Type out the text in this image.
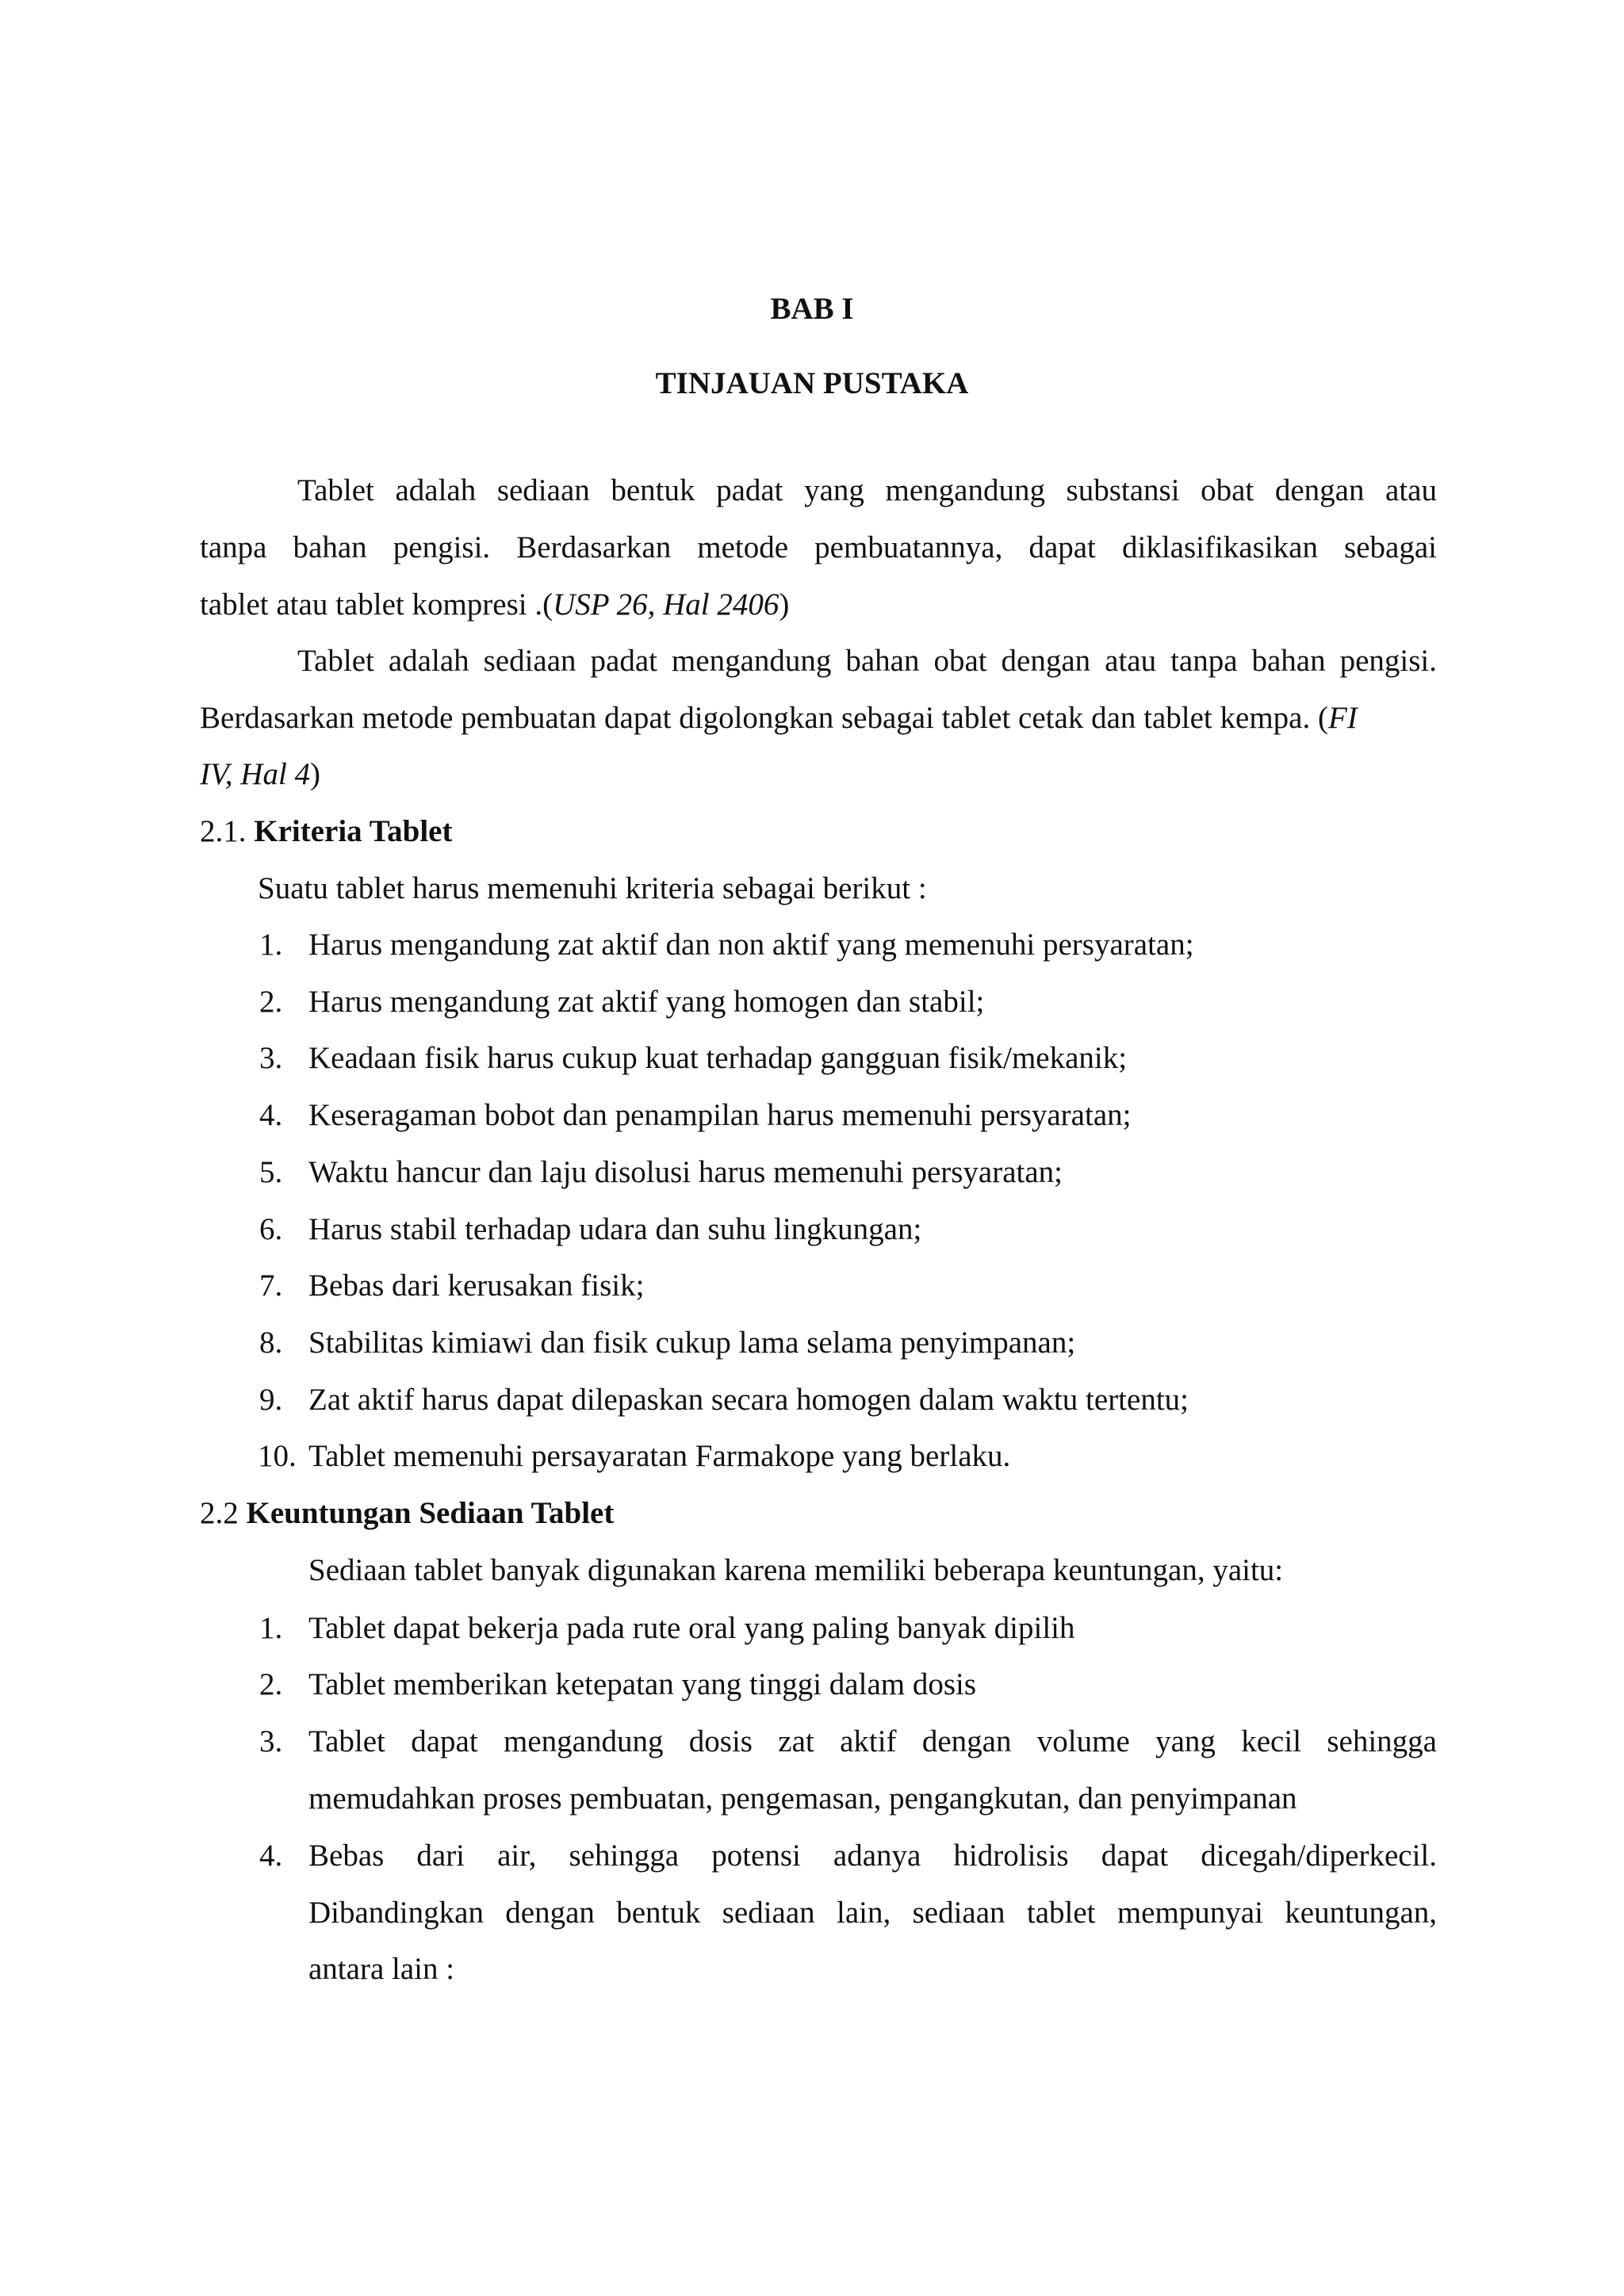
BAB I
TINJAUAN PUSTAKA
Tablet adalah sediaan bentuk padat yang mengandung substansi obat dengan atau
tanpa bahan pengisi. Berdasarkan metode pembuatannya, dapat diklasifikasikan sebagai
tablet atau tablet kompresi .(USP 26, Hal 2406)
Tablet adalah sediaan padat mengandung bahan obat dengan atau tanpa bahan pengisi.
Berdasarkan metode pembuatan dapat digolongkan sebagai tablet cetak dan tablet kempa. (FI
IV, Hal 4)
2.1. Kriteria Tablet
Suatu tablet harus memenuhi kriteria sebagai berikut :
1. Harus mengandung zat aktif dan non aktif yang memenuhi persyaratan;
2. Harus mengandung zat aktif yang homogen dan stabil;
3. Keadaan fisik harus cukup kuat terhadap gangguan fisik/mekanik;
4. Keseragaman bobot dan penampilan harus memenuhi persyaratan;
5. Waktu hancur dan laju disolusi harus memenuhi persyaratan;
6. Harus stabil terhadap udara dan suhu lingkungan;
7. Bebas dari kerusakan fisik;
8. Stabilitas kimiawi dan fisik cukup lama selama penyimpanan;
9. Zat aktif harus dapat dilepaskan secara homogen dalam waktu tertentu;
10. Tablet memenuhi persayaratan Farmakope yang berlaku.
2.2 Keuntungan Sediaan Tablet
Sediaan tablet banyak digunakan karena memiliki beberapa keuntungan, yaitu:
1. Tablet dapat bekerja pada rute oral yang paling banyak dipilih
2. Tablet memberikan ketepatan yang tinggi dalam dosis
3. Tablet dapat mengandung dosis zat aktif dengan volume yang kecil sehingga
memudahkan proses pembuatan, pengemasan, pengangkutan, dan penyimpanan
4. Bebas dari air, sehingga potensi adanya hidrolisis dapat dicegah/diperkecil.
Dibandingkan dengan bentuk sediaan lain, sediaan tablet mempunyai keuntungan,
antara lain :
